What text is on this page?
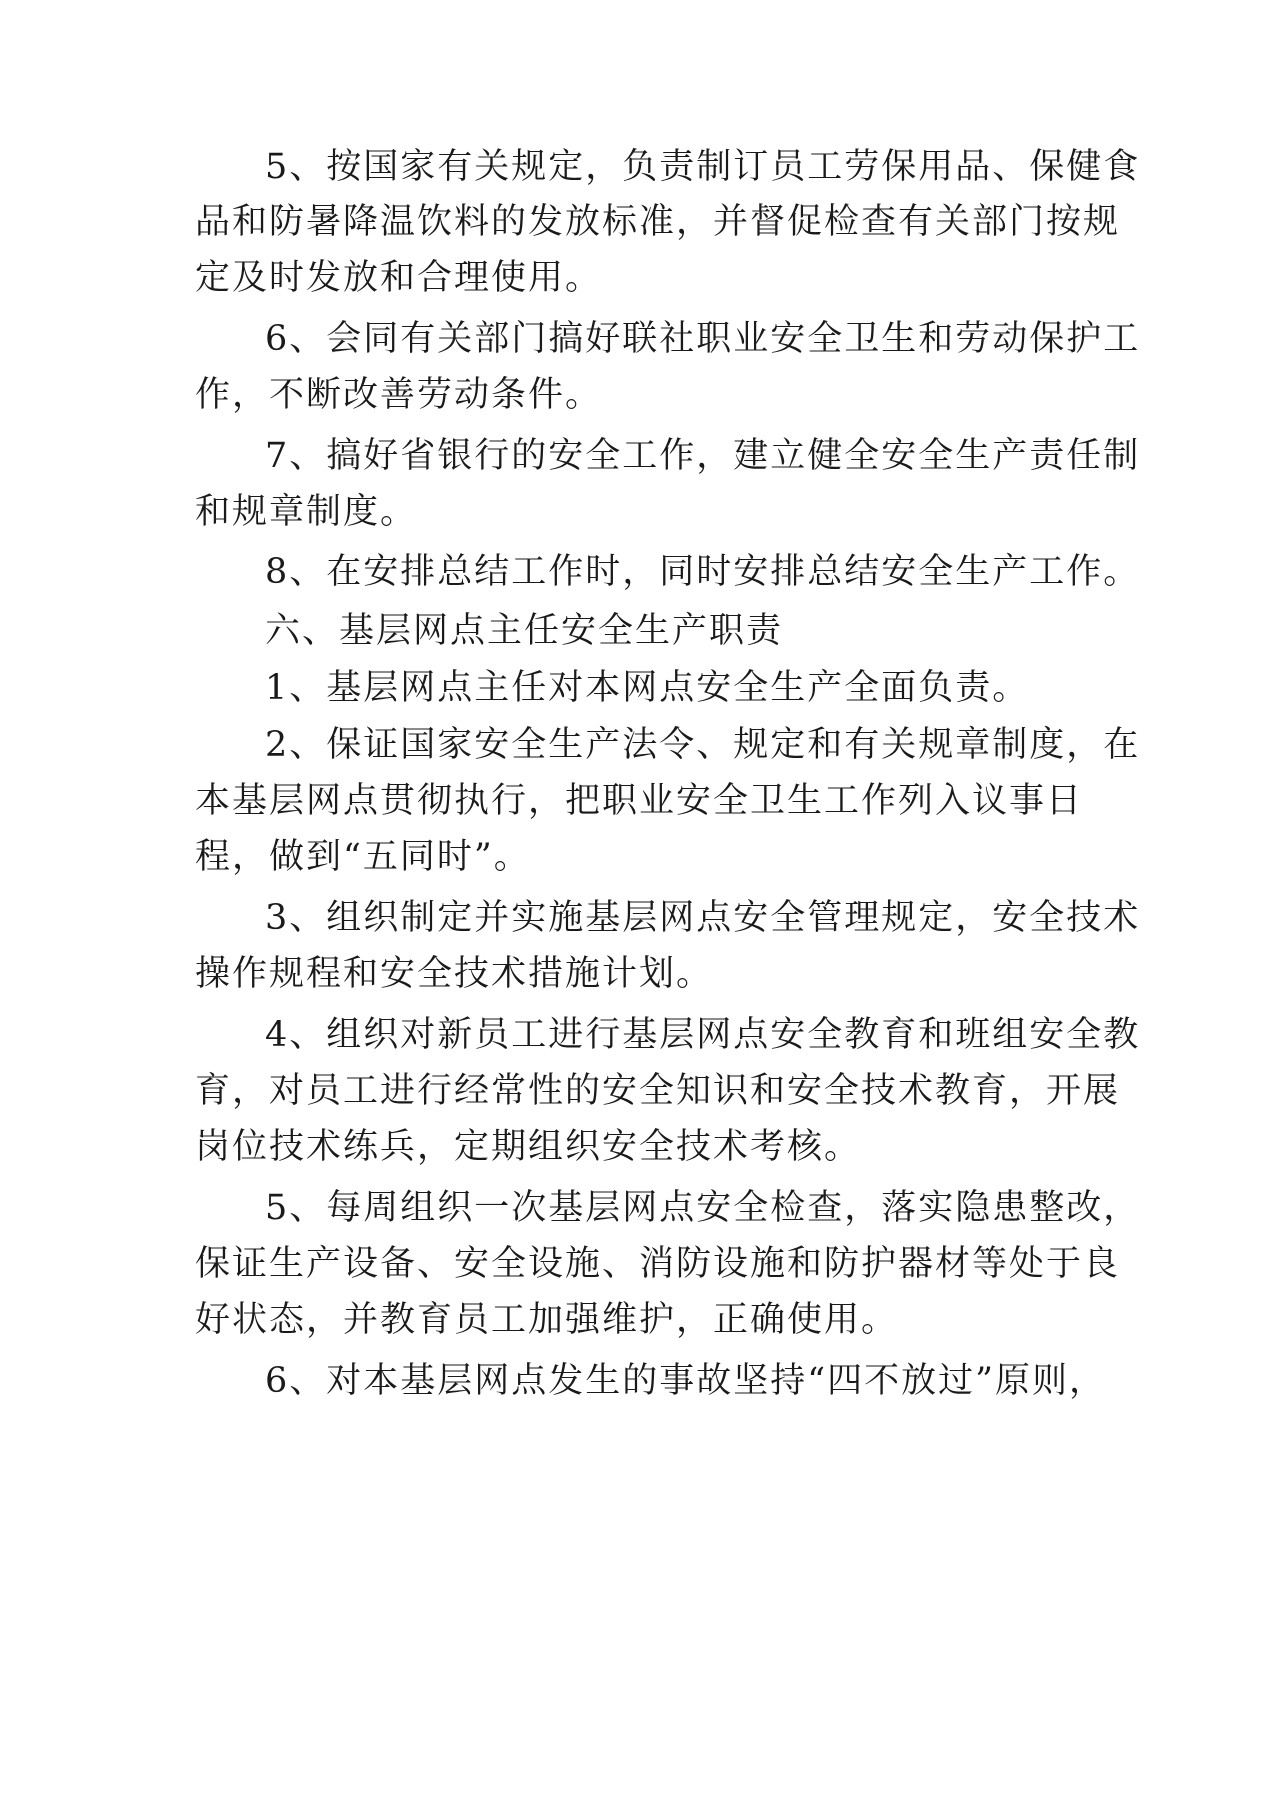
5、按国家有关规定，负责制订员工劳保用品、保健食
品和防暑降温饮料的发放标准，并督促检查有关部门按规
定及时发放和合理使用。
6、会同有关部门搞好联社职业安全卫生和劳动保护工
作，不断改善劳动条件。
7、搞好省银行的安全工作，建立健全安全生产责任制
和规章制度。
8、在安排总结工作时，同时安排总结安全生产工作。
六、基层网点主任安全生产职责
1、基层网点主任对本网点安全生产全面负责。
2、保证国家安全生产法令、规定和有关规章制度，在
本基层网点贯彻执行，把职业安全卫生工作列入议事日
程，做到“五同时”。
3、组织制定并实施基层网点安全管理规定，安全技术
操作规程和安全技术措施计划。
4、组织对新员工进行基层网点安全教育和班组安全教
育，对员工进行经常性的安全知识和安全技术教育，开展
岗位技术练兵，定期组织安全技术考核。
5、每周组织一次基层网点安全检查，落实隐患整改，
保证生产设备、安全设施、消防设施和防护器材等处于良
好状态，并教育员工加强维护，正确使用。
6、对本基层网点发生的事故坚持“四不放过”原则，
